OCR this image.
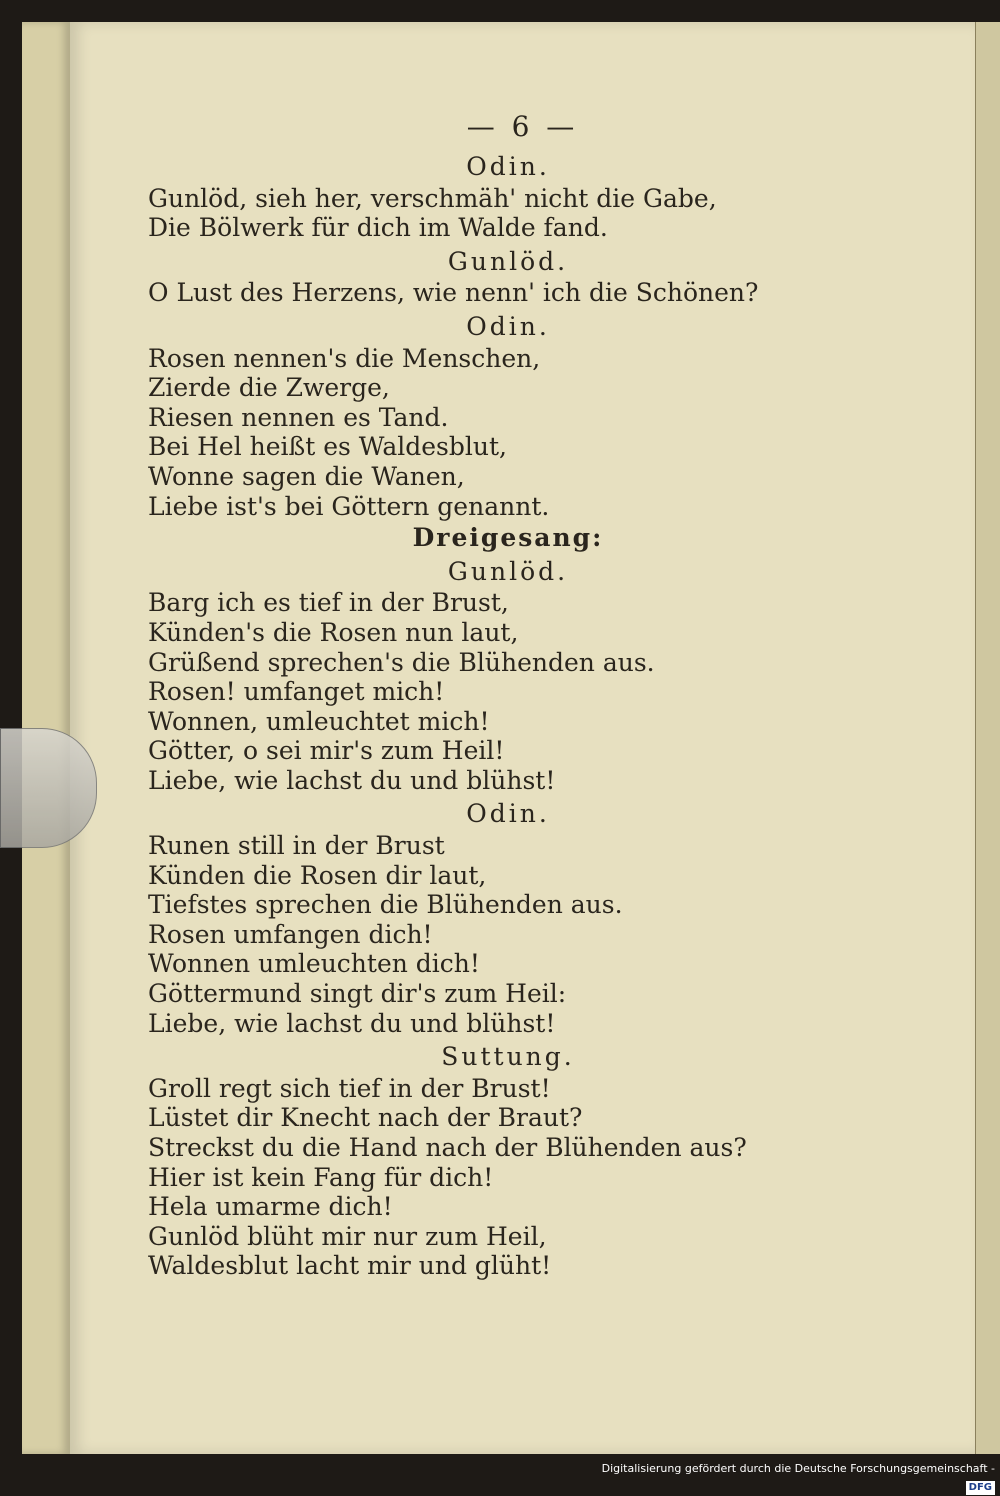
— 6 —
Odin.
Gunlöd, sieh her, verschmäh' nicht die Gabe,
Die Bölwerk für dich im Walde fand.
Gunlöd.
O Lust des Herzens, wie nenn' ich die Schönen?
Odin.
Rosen nennen's die Menschen,
Zierde die Zwerge,
Riesen nennen es Tand.
Bei Hel heißt es Waldesblut,
Wonne sagen die Wanen,
Liebe ist's bei Göttern genannt.
Dreigesang:
Gunlöd.
Barg ich es tief in der Brust,
Künden's die Rosen nun laut,
Grüßend sprechen's die Blühenden aus.
Rosen! umfanget mich!
Wonnen, umleuchtet mich!
Götter, o sei mir's zum Heil!
Liebe, wie lachst du und blühst!
Odin.
Runen still in der Brust
Künden die Rosen dir laut,
Tiefstes sprechen die Blühenden aus.
Rosen umfangen dich!
Wonnen umleuchten dich!
Göttermund singt dir's zum Heil:
Liebe, wie lachst du und blühst!
Suttung.
Groll regt sich tief in der Brust!
Lüstet dir Knecht nach der Braut?
Streckst du die Hand nach der Blühenden aus?
Hier ist kein Fang für dich!
Hela umarme dich!
Gunlöd blüht mir nur zum Heil,
Waldesblut lacht mir und glüht!
Digitalisierung gefördert durch die Deutsche Forschungsgemeinschaft - DFG
